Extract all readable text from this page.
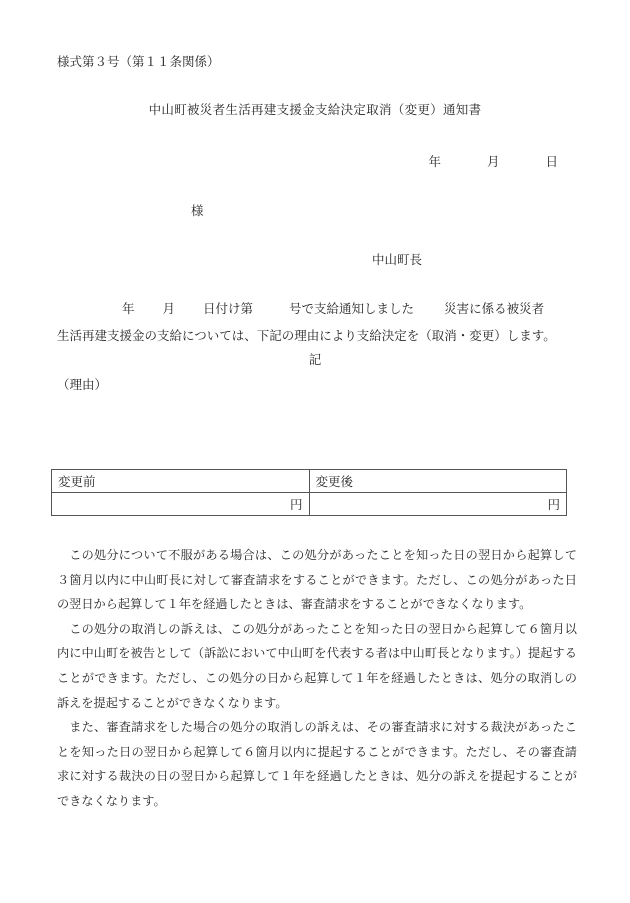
様式第３号（第１１条関係）
中山町被災者生活再建支援金支給決定取消（変更）通知書
年	月	日
様
中山町長
年 月 日付け第	号で支給通知しました 災害に係る被災者
生活再建支援金の支給については、下記の理由により支給決定を（取消・変更）します。
記
（理由）
変更前	変更後
円	円

この処分について不服がある場合は、この処分があったことを知った日の翌日から起算して３箇月以内に中山町長に対して審査請求をすることができます。ただし、この処分があった日の翌日から起算して１年を経過したときは、審査請求をすることができなくなります。

この処分の取消しの訴えは、この処分があったことを知った日の翌日から起算して６箇月以内に中山町を被告として（訴訟において中山町を代表する者は中山町長となります。）提起することができます。ただし、この処分の日から起算して１年を経過したときは、処分の取消しの訴えを提起することができなくなります。

また、審査請求をした場合の処分の取消しの訴えは、その審査請求に対する裁決があったことを知った日の翌日から起算して６箇月以内に提起することができます。ただし、その審査請求に対する裁決の日の翌日から起算して１年を経過したときは、処分の訴えを提起することができなくなります。
